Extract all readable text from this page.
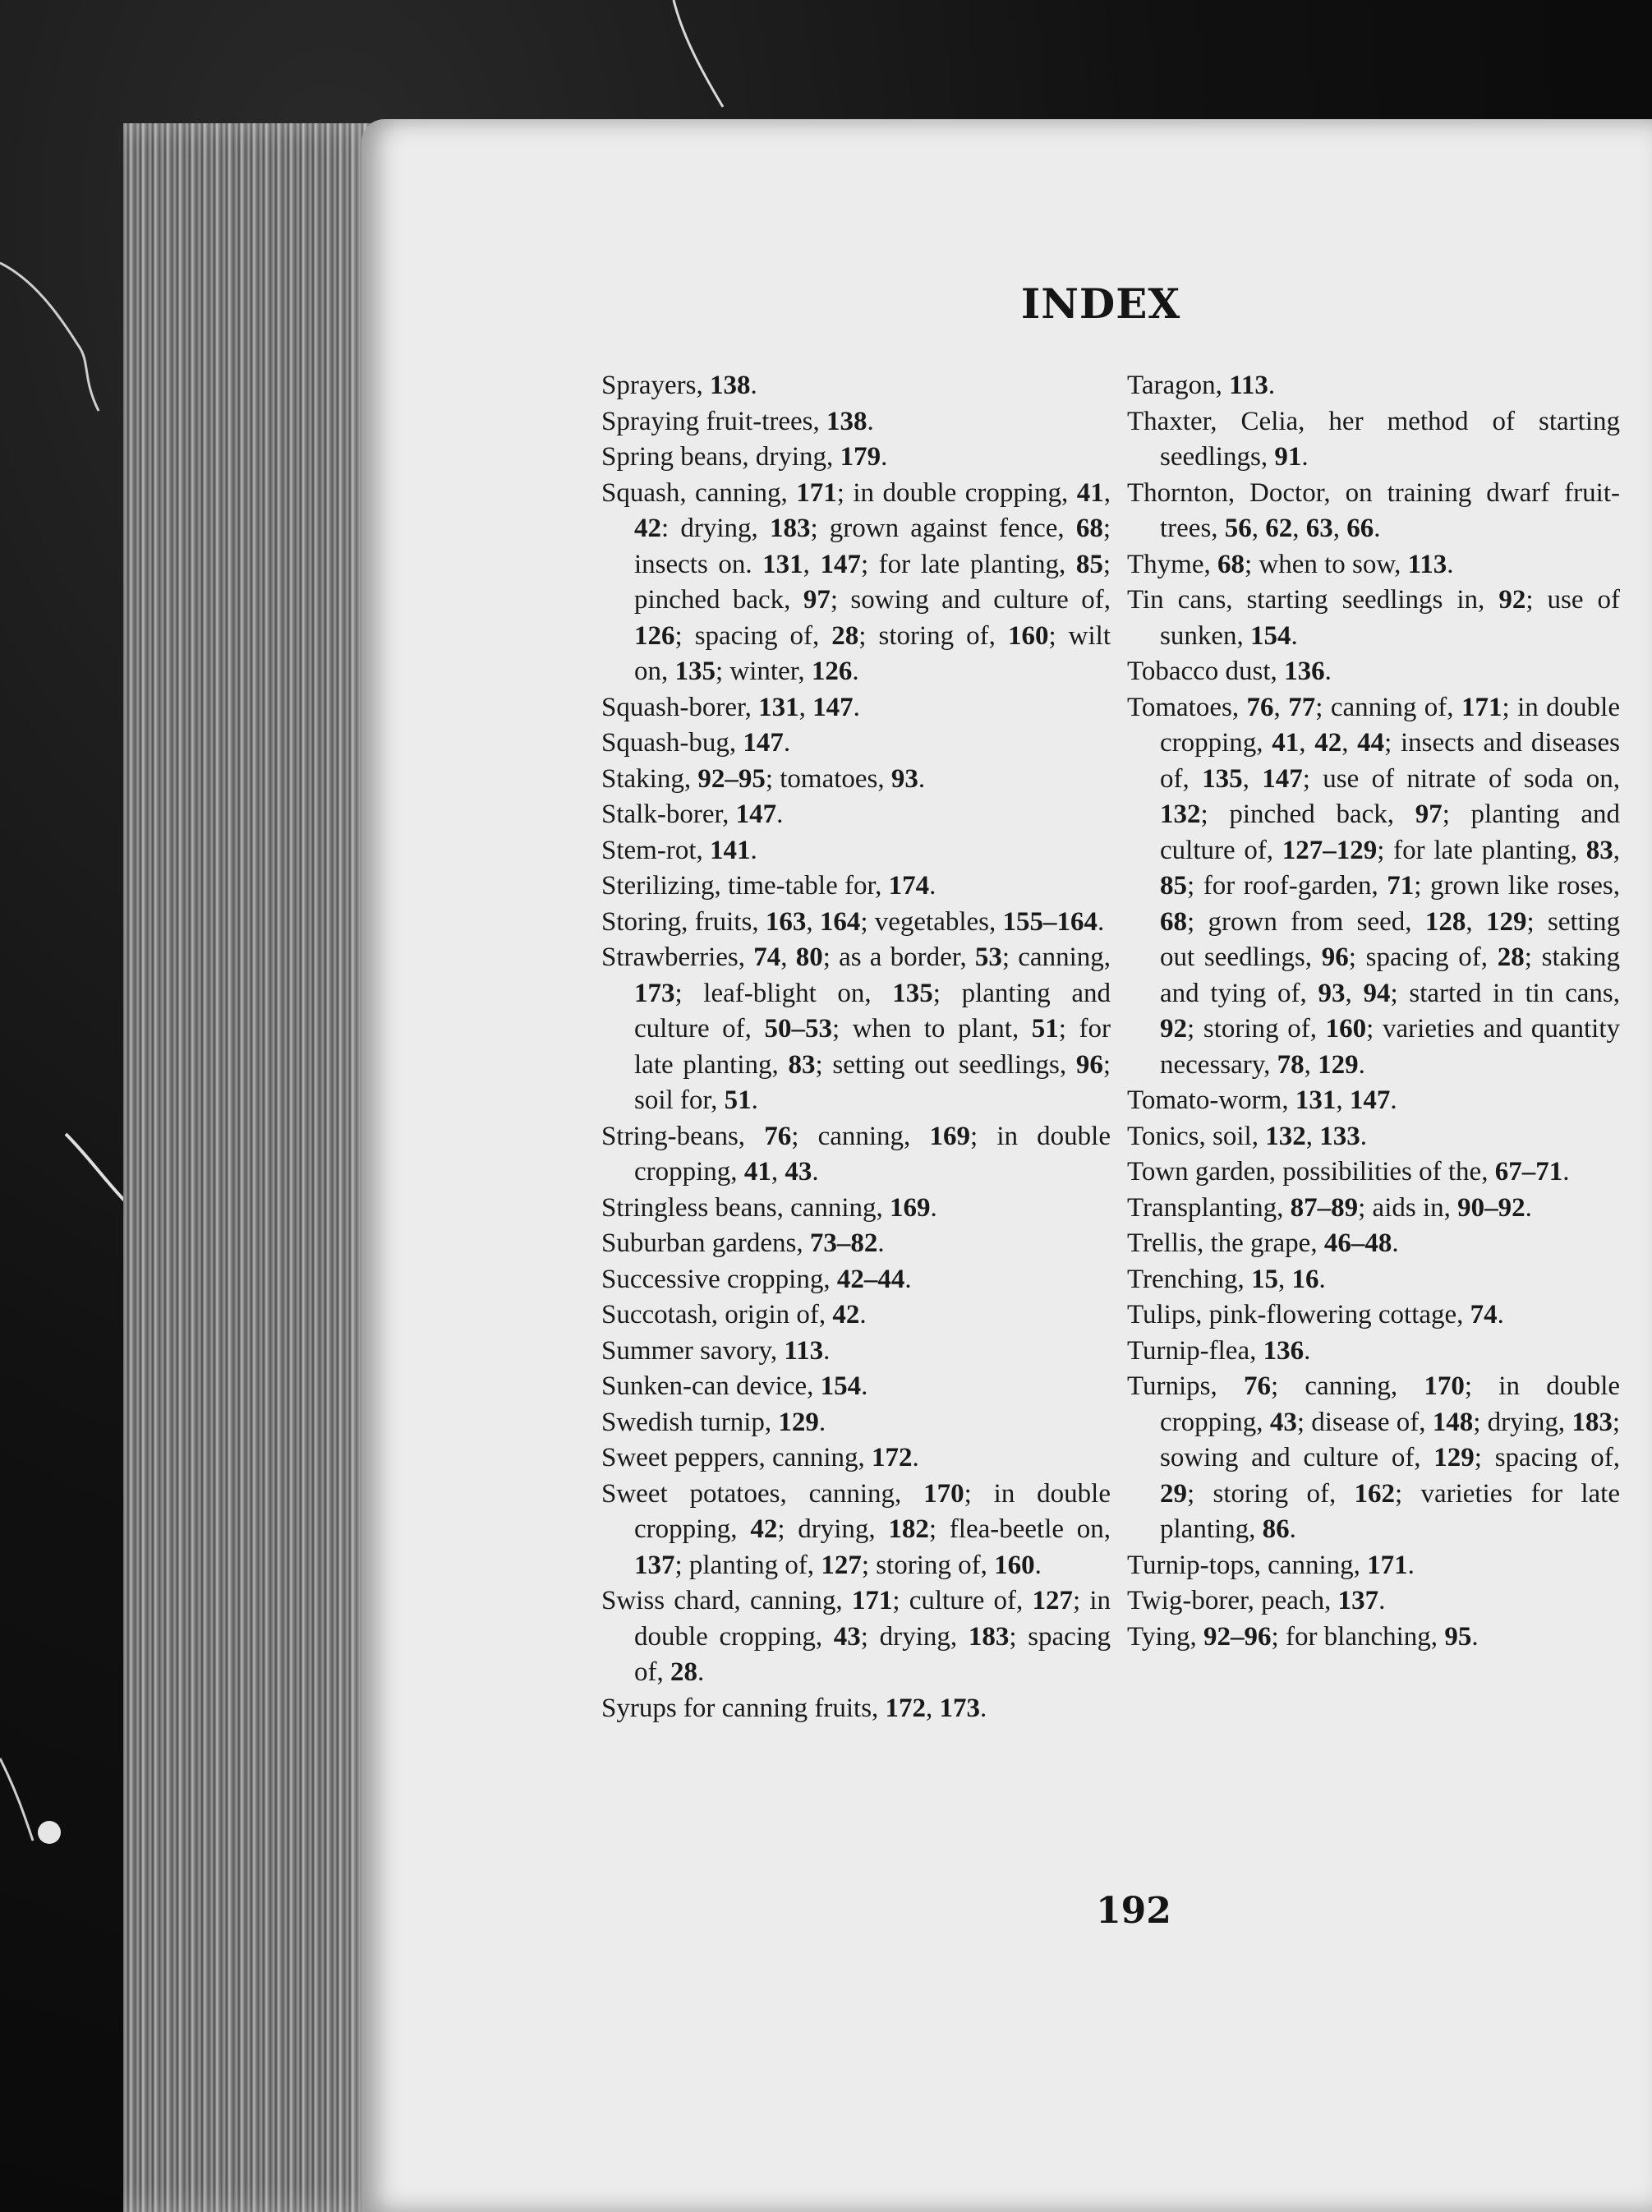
INDEX

Sprayers, 138.

Spraying fruit-trees, 138.

Spring beans, drying, 179.

Squash, canning, 171; in double cropping, 41, 42: drying, 183; grown against fence, 68; insects on. 131, 147; for late planting, 85; pinched back, 97; sowing and culture of, 126; spacing of, 28; storing of, 160; wilt on, 135; winter, 126.

Squash-borer, 131, 147.

Squash-bug, 147.

Staking, 92–95; tomatoes, 93.

Stalk-borer, 147.

Stem-rot, 141.

Sterilizing, time-table for, 174.

Storing, fruits, 163, 164; vegetables, 155–164.

Strawberries, 74, 80; as a border, 53; canning, 173; leaf-blight on, 135; planting and culture of, 50–53; when to plant, 51; for late planting, 83; setting out seedlings, 96; soil for, 51.

String-beans, 76; canning, 169; in double cropping, 41, 43.

Stringless beans, canning, 169.

Suburban gardens, 73–82.

Successive cropping, 42–44.

Succotash, origin of, 42.

Summer savory, 113.

Sunken-can device, 154.

Swedish turnip, 129.

Sweet peppers, canning, 172.

Sweet potatoes, canning, 170; in double cropping, 42; drying, 182; flea-beetle on, 137; planting of, 127; storing of, 160.

Swiss chard, canning, 171; culture of, 127; in double cropping, 43; drying, 183; spacing of, 28.

Syrups for canning fruits, 172, 173.

Taragon, 113.

Thaxter, Celia, her method of starting seedlings, 91.

Thornton, Doctor, on training dwarf fruit-trees, 56, 62, 63, 66.

Thyme, 68; when to sow, 113.

Tin cans, starting seedlings in, 92; use of sunken, 154.

Tobacco dust, 136.

Tomatoes, 76, 77; canning of, 171; in double cropping, 41, 42, 44; insects and diseases of, 135, 147; use of nitrate of soda on, 132; pinched back, 97; planting and culture of, 127–129; for late planting, 83, 85; for roof-garden, 71; grown like roses, 68; grown from seed, 128, 129; setting out seedlings, 96; spacing of, 28; staking and tying of, 93, 94; started in tin cans, 92; storing of, 160; varieties and quantity necessary, 78, 129.

Tomato-worm, 131, 147.

Tonics, soil, 132, 133.

Town garden, possibilities of the, 67–71.

Transplanting, 87–89; aids in, 90–92.

Trellis, the grape, 46–48.

Trenching, 15, 16.

Tulips, pink-flowering cottage, 74.

Turnip-flea, 136.

Turnips, 76; canning, 170; in double cropping, 43; disease of, 148; drying, 183; sowing and culture of, 129; spacing of, 29; storing of, 162; varieties for late planting, 86.

Turnip-tops, canning, 171.

Twig-borer, peach, 137.

Tying, 92–96; for blanching, 95.

192
